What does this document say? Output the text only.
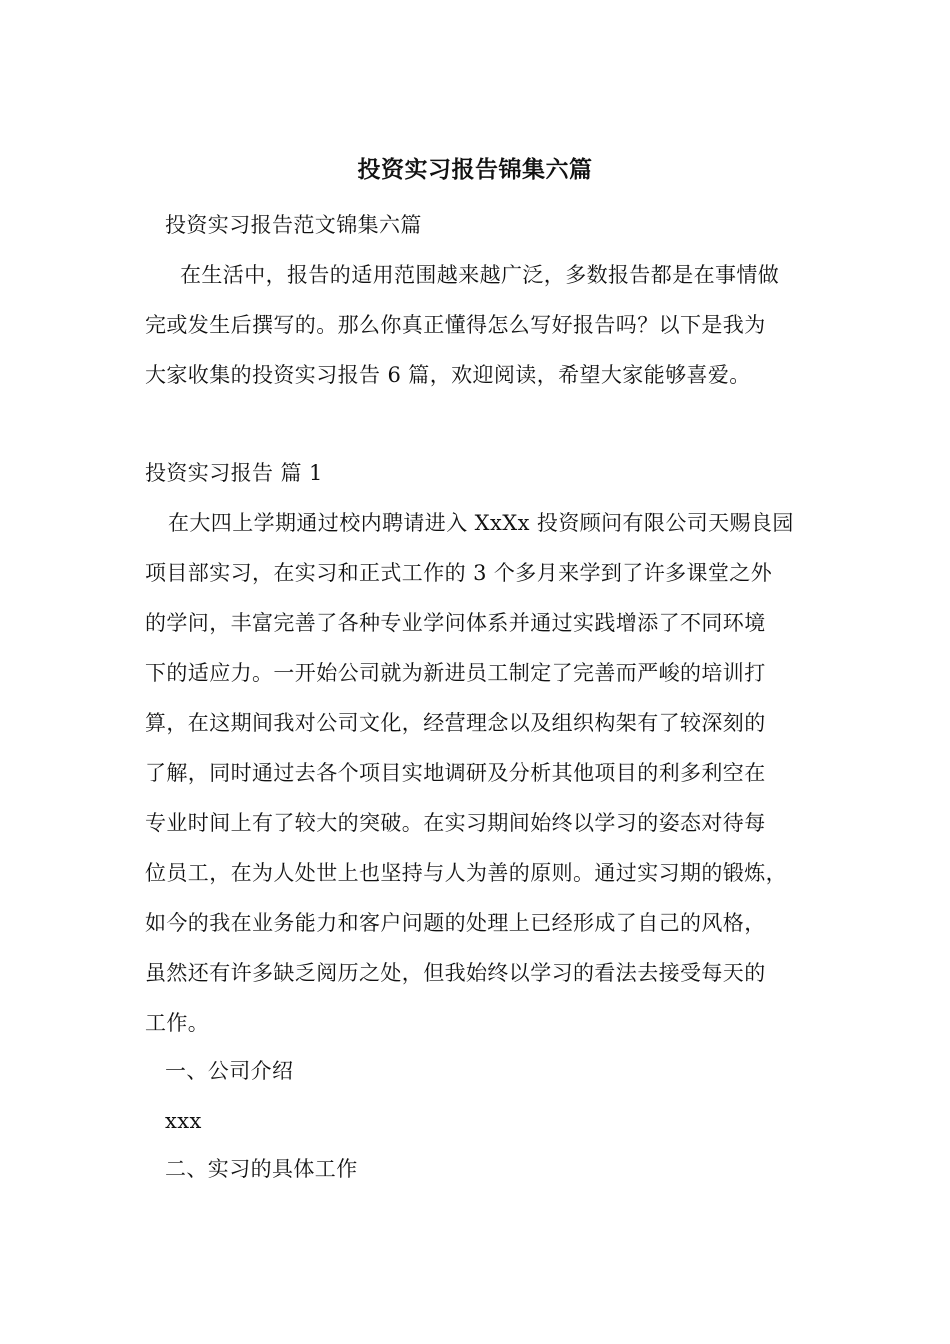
投资实习报告锦集六篇
投资实习报告范文锦集六篇
在生活中，报告的适用范围越来越广泛，多数报告都是在事情做
完或发生后撰写的。那么你真正懂得怎么写好报告吗？以下是我为
大家收集的投资实习报告 6 篇，欢迎阅读，希望大家能够喜爱。
投资实习报告 篇 1
在大四上学期通过校内聘请进入 XxXx 投资顾问有限公司天赐良园
项目部实习，在实习和正式工作的 3 个多月来学到了许多课堂之外
的学问，丰富完善了各种专业学问体系并通过实践增添了不同环境
下的适应力。一开始公司就为新进员工制定了完善而严峻的培训打
算，在这期间我对公司文化，经营理念以及组织构架有了较深刻的
了解，同时通过去各个项目实地调研及分析其他项目的利多利空在
专业时间上有了较大的突破。在实习期间始终以学习的姿态对待每
位员工，在为人处世上也坚持与人为善的原则。通过实习期的锻炼，
如今的我在业务能力和客户问题的处理上已经形成了自己的风格，
虽然还有许多缺乏阅历之处，但我始终以学习的看法去接受每天的
工作。
一、公司介绍
xxx
二、实习的具体工作
